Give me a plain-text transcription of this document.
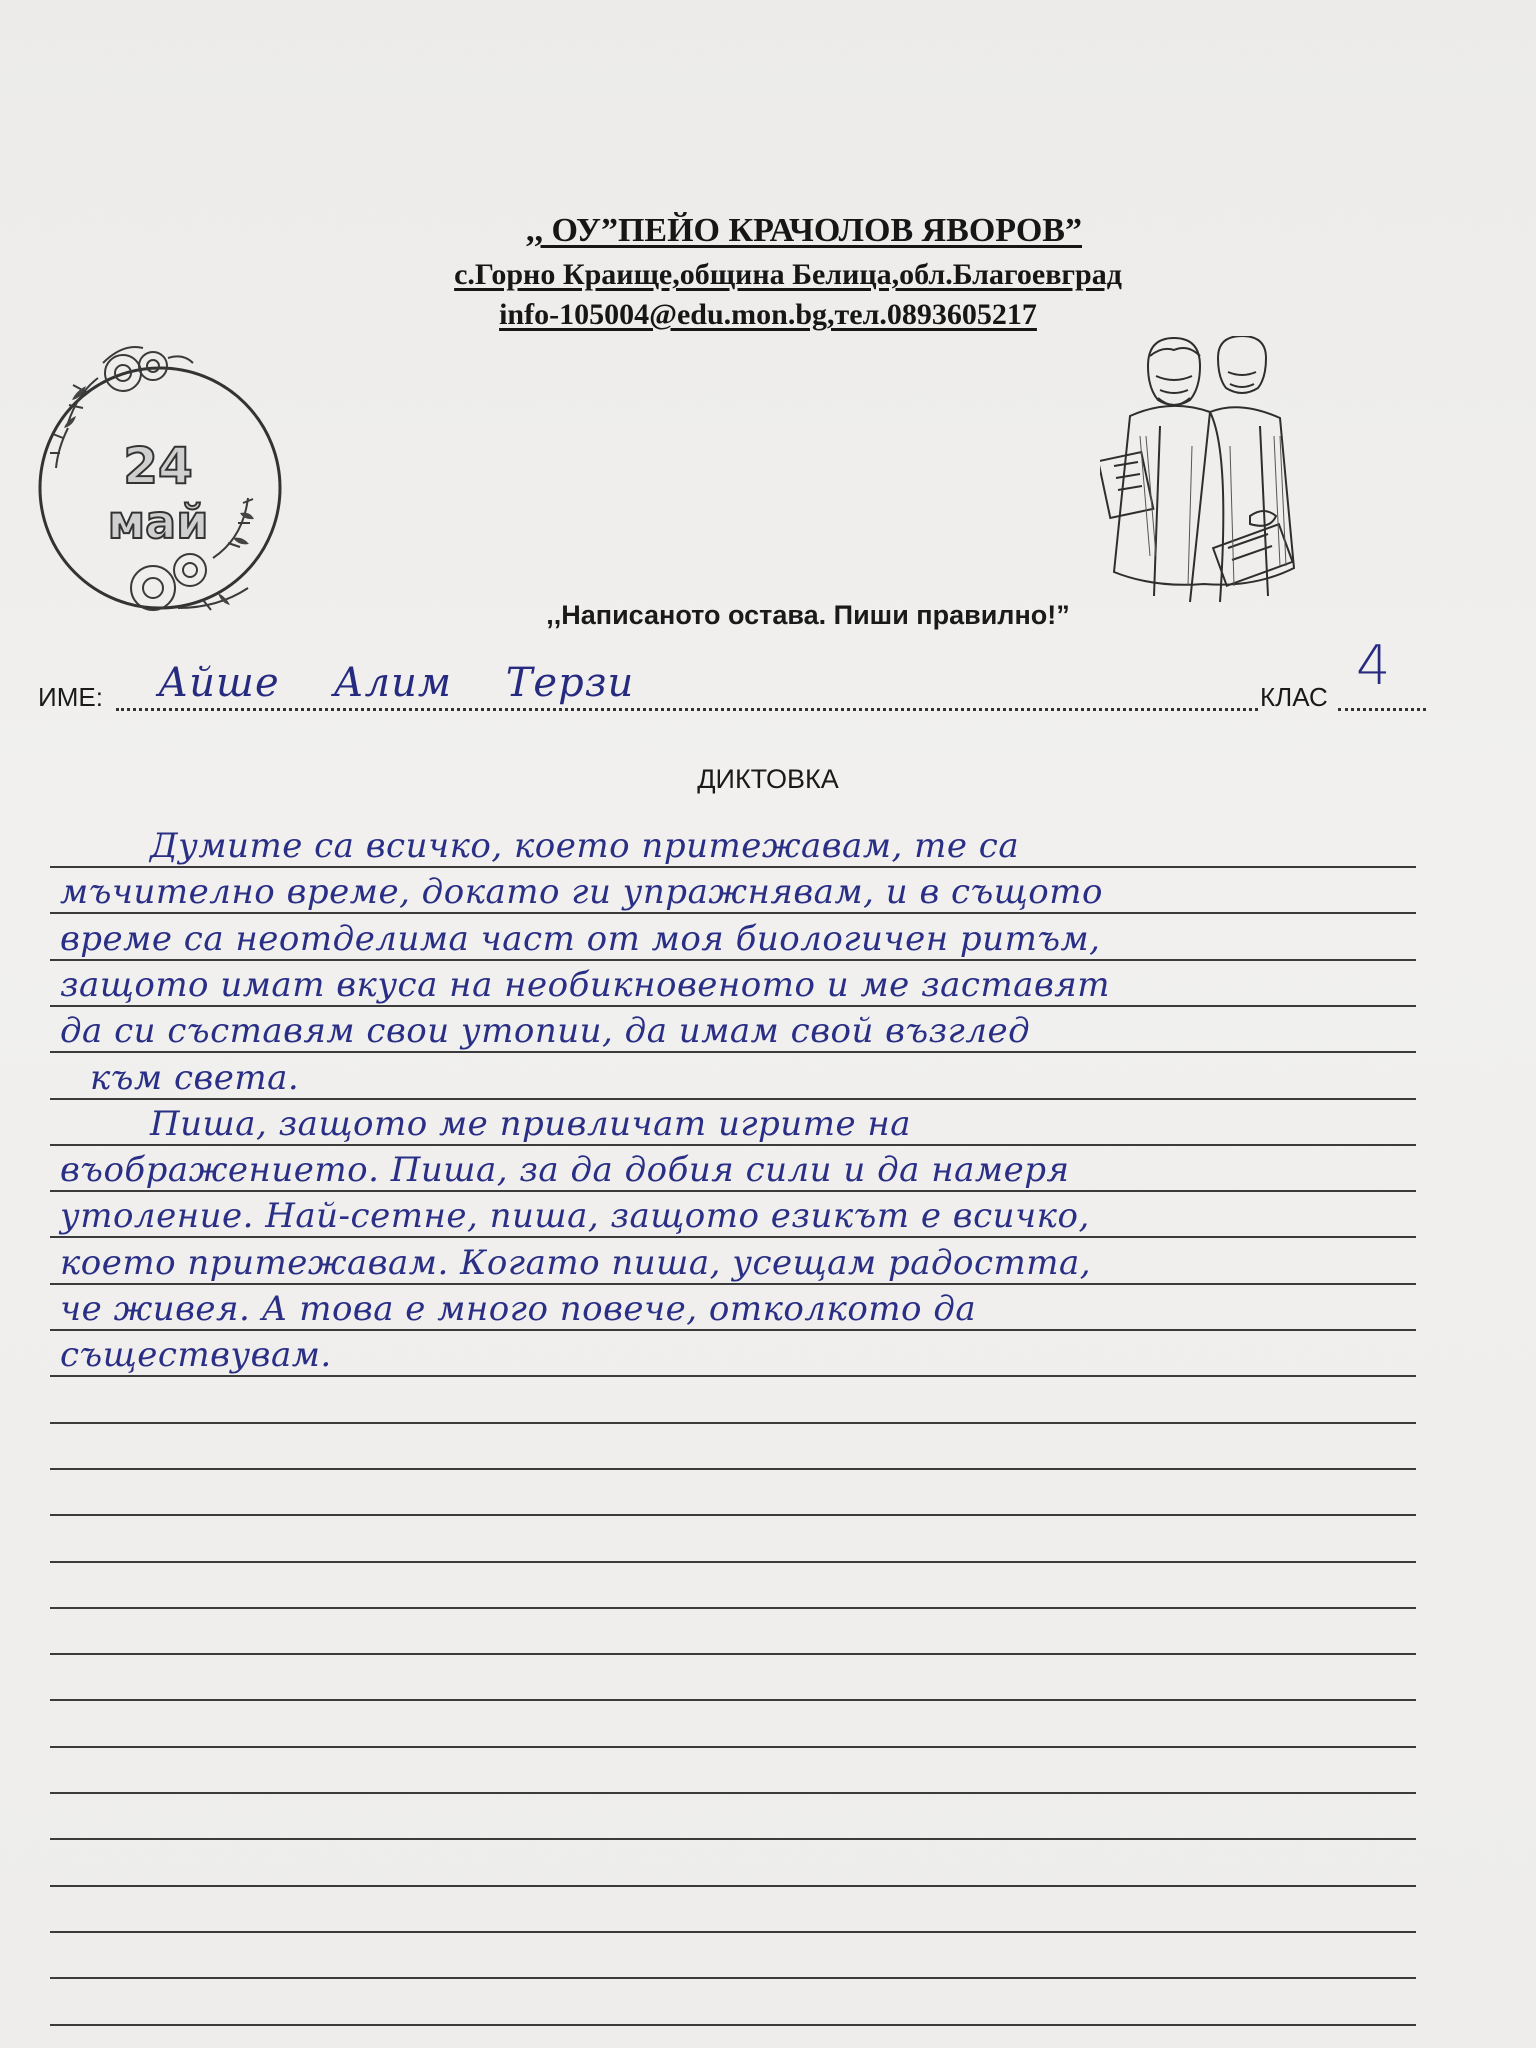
,, ОУ”ПЕЙО КРАЧОЛОВ ЯВОРОВ”
с.Горно Краище,община Белица,обл.Благоевград
info-105004@edu.mon.bg,тел.0893605217
24
май
,,Написаното остава. Пиши правилно!”
ИМЕ: Айше Алим Терзи	КЛАС 4
ДИКТОВКА
Думите са всичко, което притежавам, те са
мъчително време, докато ги упражнявам, и в същото
време са неотделима част от моя биологичен ритъм,
защото имат вкуса на необикновеното и ме заставят
да си съставям свои утопии, да имам свой възглед
към света.
Пиша, защото ме привличат игрите на
въображението. Пиша, за да добия сили и да намеря
утоление. Най-сетне, пиша, защото езикът е всичко,
което притежавам. Когато пиша, усещам радостта,
че живея. А това е много повече, отколкото да
съществувам.
